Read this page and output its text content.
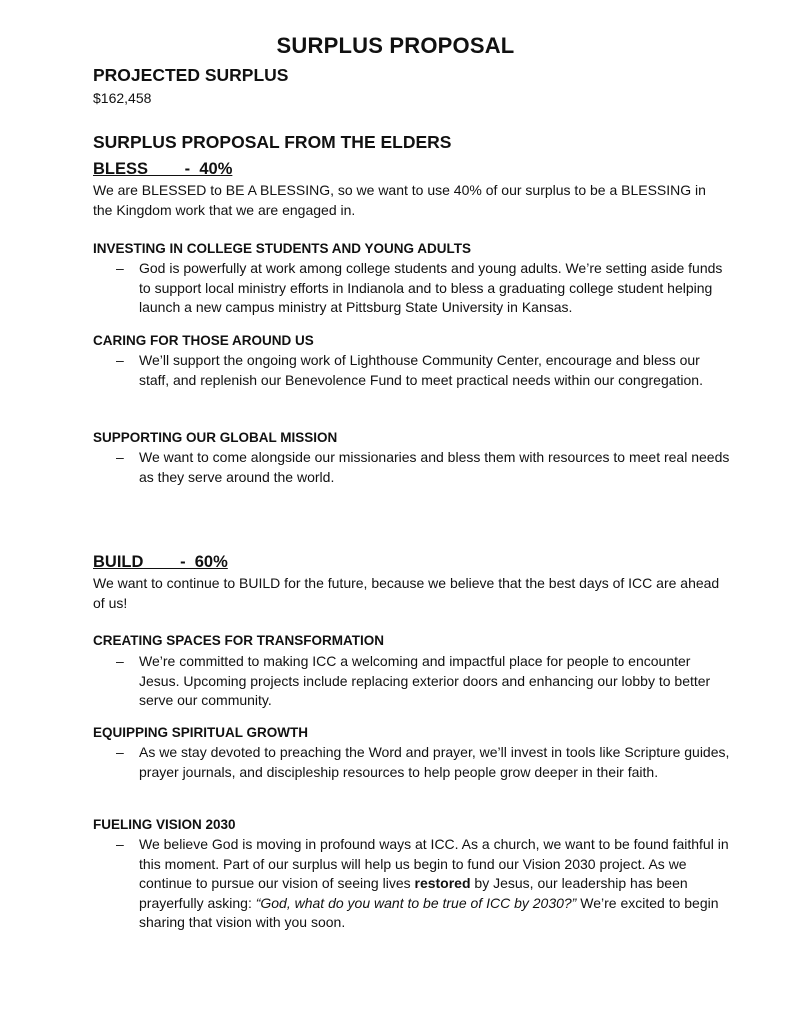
SURPLUS PROPOSAL
PROJECTED SURPLUS
$162,458
SURPLUS PROPOSAL FROM THE ELDERS
BLESS        -  40%
We are BLESSED to BE A BLESSING, so we want to use 40% of our surplus to be a BLESSING in the Kingdom work that we are engaged in.
INVESTING IN COLLEGE STUDENTS AND YOUNG ADULTS
– God is powerfully at work among college students and young adults. We’re setting aside funds to support local ministry efforts in Indianola and to bless a graduating college student helping launch a new campus ministry at Pittsburg State University in Kansas.
CARING FOR THOSE AROUND US
– We’ll support the ongoing work of Lighthouse Community Center, encourage and bless our staff, and replenish our Benevolence Fund to meet practical needs within our congregation.
SUPPORTING OUR GLOBAL MISSION
– We want to come alongside our missionaries and bless them with resources to meet real needs as they serve around the world.
BUILD        -  60%
We want to continue to BUILD for the future, because we believe that the best days of ICC are ahead of us!
CREATING SPACES FOR TRANSFORMATION
– We’re committed to making ICC a welcoming and impactful place for people to encounter Jesus. Upcoming projects include replacing exterior doors and enhancing our lobby to better serve our community.
EQUIPPING SPIRITUAL GROWTH
– As we stay devoted to preaching the Word and prayer, we’ll invest in tools like Scripture guides, prayer journals, and discipleship resources to help people grow deeper in their faith.
FUELING VISION 2030
– We believe God is moving in profound ways at ICC. As a church, we want to be found faithful in this moment. Part of our surplus will help us begin to fund our Vision 2030 project. As we continue to pursue our vision of seeing lives restored by Jesus, our leadership has been prayerfully asking: “God, what do you want to be true of ICC by 2030?” We’re excited to begin sharing that vision with you soon.
